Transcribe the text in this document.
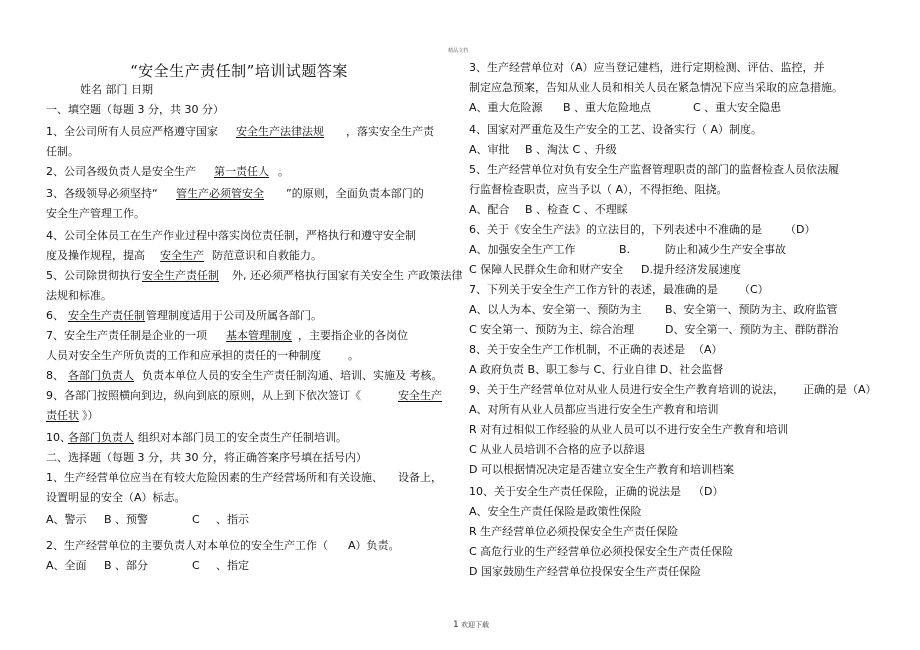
精品文档
“安全生产责任制”培训试题答案
姓名 部门 日期
一、填空题（每题 3 分，共 30 分）
1、全公司所有人员应严格遵守国家 安全生产法律法规 ，落实安全生产责
任制。
2、公司各级负责人是安全生产 第一责任人 。
3、各级领导必须坚持“ 管生产必须管安全 ”的原则，全面负责本部门的
安全生产管理工作。
4、公司全体员工在生产作业过程中落实岗位责任制，严格执行和遵守安全制
度及操作规程，提高 安全生产 防范意识和自救能力。
5、公司除贯彻执行 安全生产责任制 外, 还必须严格执行国家有关安全生 产政策法律
法规和标准。
6、 安全生产责任制 管理制度适用于公司及所属各部门。
7、安全生产责任制是企业的一项 基本管理制度 ，主要指企业的各岗位
人员对安全生产所负责的工作和应承担的责任的一种制度 。
8、 各部门负责人 负责本单位人员的安全生产责任制沟通、培训、实施及 考核。
9、各部门按照横向到边，纵向到底的原则，从上到下依次签订《	安全生产
责任状 》）
10、
各部门负责人 组织对本部门员工的安全责生产任制培训。
二、选择题（每题 3 分，共 30 分，将正确答案序号填在括号内）
1、生产经营单位应当在有较大危险因素的生产经营场所和有关设施、 设备上，
设置明显的安全（A）标志。
A、警示 B 、预警	C 、指示
2、生产经营单位的主要负责人对本单位的安全生产工作（ A）负责。
A、全面 B 、部分	C 、指定
3、生产经营单位对（A）应当登记建档，进行定期检测、评估、监控，并
制定应急预案，告知从业人员和相关人员在紧急情况下应当采取的应急措施。
A、重大危险源 B 、重大危险地点	C 、重大安全隐患
4、国家对严重危及生产安全的工艺、设备实行（ A）制度。
A、审批 B 、淘汰 C 、升级
5、生产经营单位对负有安全生产监督管理职责的部门的监督检查人员依法履
行监督检查职责，应当予以（ A），不得拒绝、阻挠。
A、配合 B 、检查 C 、不理睬
6、关于《安全生产法》的立法目的，下列表述中不准确的是 （D）
A、加强安全生产工作	B.	防止和减少生产安全事故
C 保障人民群众生命和财产安全 D.提升经济发展速度
7、下列关于安全生产工作方针的表述，最准确的是 （C）
A、以人为本、安全第一、预防为主 B、安全第一、预防为主、政府监管
C 安全第一、预防为主、综合治理	D、安全第一、预防为主、群防群治
8、关于安全生产工作机制，不正确的表述是 （A）
A 政府负责 B、职工参与 C、行业自律 D、社会监督
9、关于生产经营单位对从业人员进行安全生产教育培训的说法， 正确的是（A）
A、对所有从业人员都应当进行安全生产教育和培训
R 对有过相似工作经验的从业人员可以不进行安全生产教育和培训
C 从业人员培训不合格的应予以辞退
D 可以根据情况决定是否建立安全生产教育和培训档案
10、关于安全生产责任保险，正确的说法是 （D）
A、安全生产责任保险是政策性保险
R 生产经营单位必须投保安全生产责任保险
C 高危行业的生产经营单位必须投保安全生产责任保险
D 国家鼓励生产经营单位投保安全生产责任保险
1 欢迎下载
